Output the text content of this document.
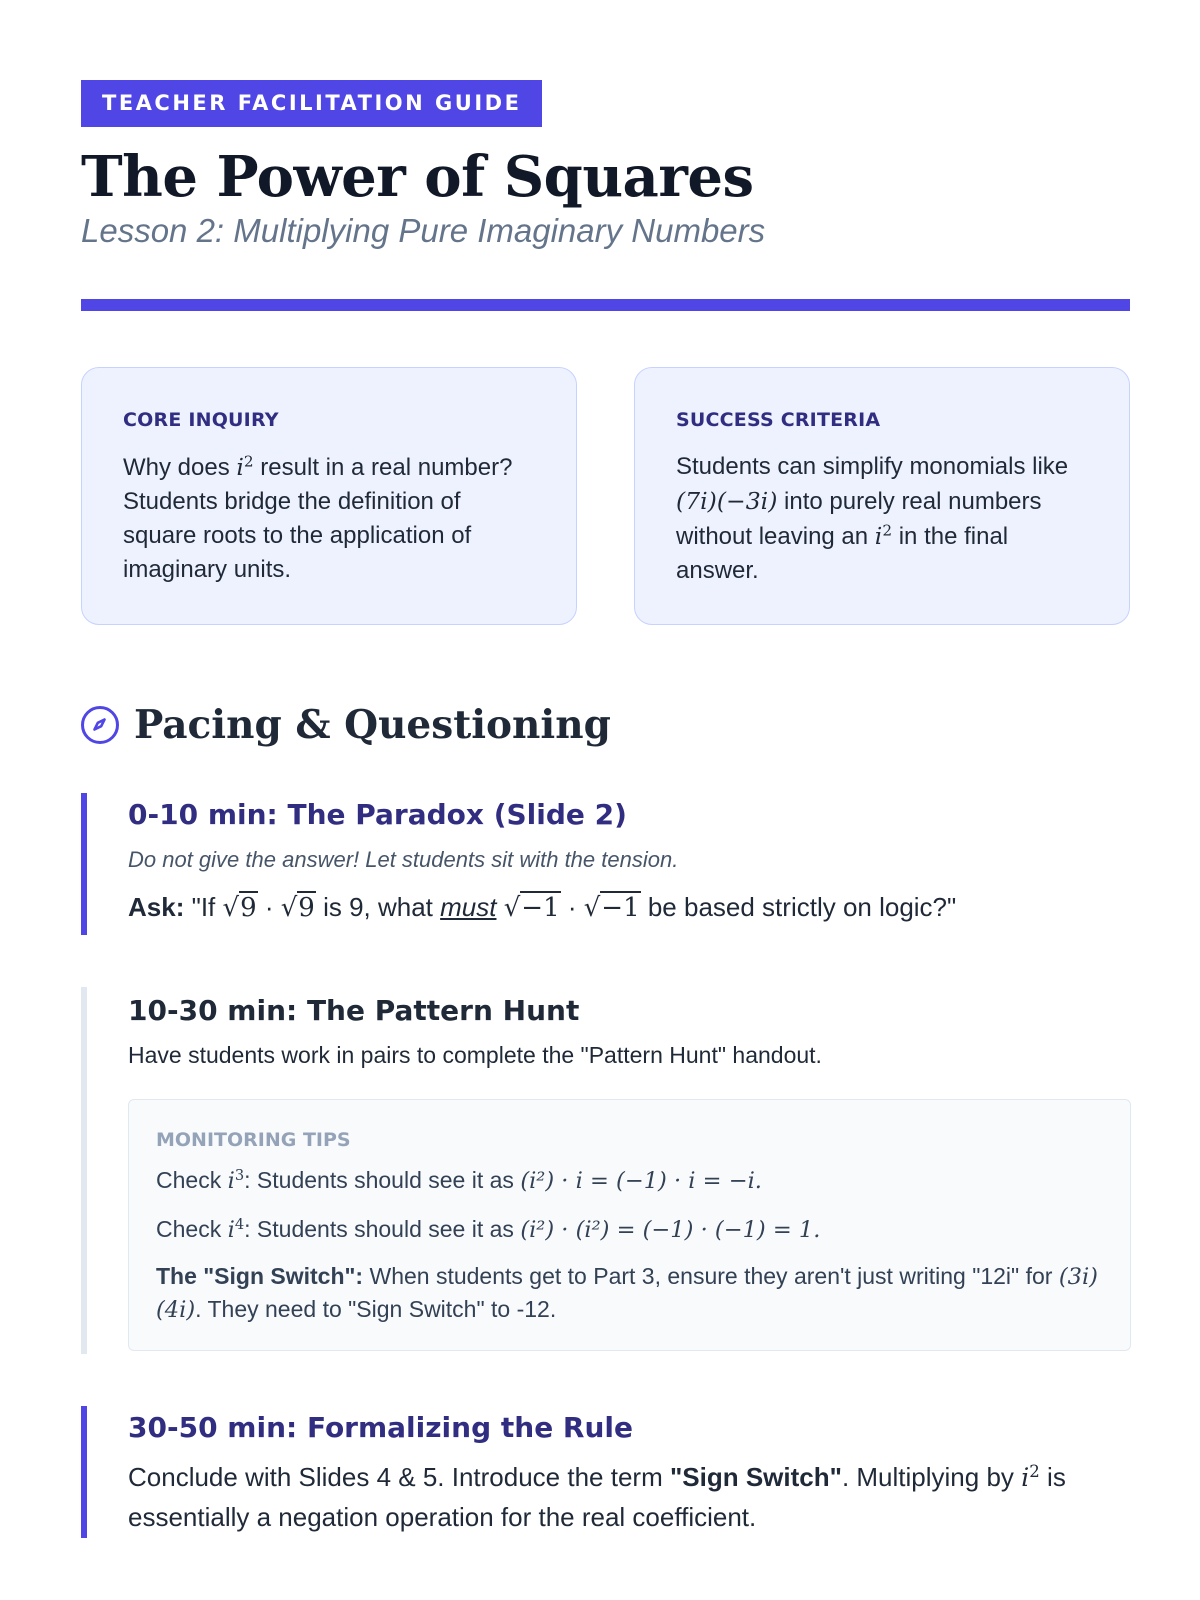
TEACHER FACILITATION GUIDE
The Power of Squares
Lesson 2: Multiplying Pure Imaginary Numbers
CORE INQUIRY
Why does $i^2$ result in a real number? Students bridge the definition of square roots to the application of imaginary units.
SUCCESS CRITERIA
Students can simplify monomials like (7i)(−3i) into purely real numbers without leaving an $i^2$ in the final answer.
Pacing & Questioning
0-10 min: The Paradox (Slide 2)
Do not give the answer! Let students sit with the tension.
Ask: "If √9 · √9 is 9, what must √−1 · √−1 be based strictly on logic?"
10-30 min: The Pattern Hunt
Have students work in pairs to complete the "Pattern Hunt" handout.
MONITORING TIPS
Check $i^3$: Students should see it as (i²) · i = (−1) · i = −i.
Check $i^4$: Students should see it as (i²) · (i²) = (−1) · (−1) = 1.
The "Sign Switch": When students get to Part 3, ensure they aren't just writing "12i" for (3i)(4i). They need to "Sign Switch" to -12.
30-50 min: Formalizing the Rule
Conclude with Slides 4 & 5. Introduce the term "Sign Switch". Multiplying by $i^2$ is essentially a negation operation for the real coefficient.
